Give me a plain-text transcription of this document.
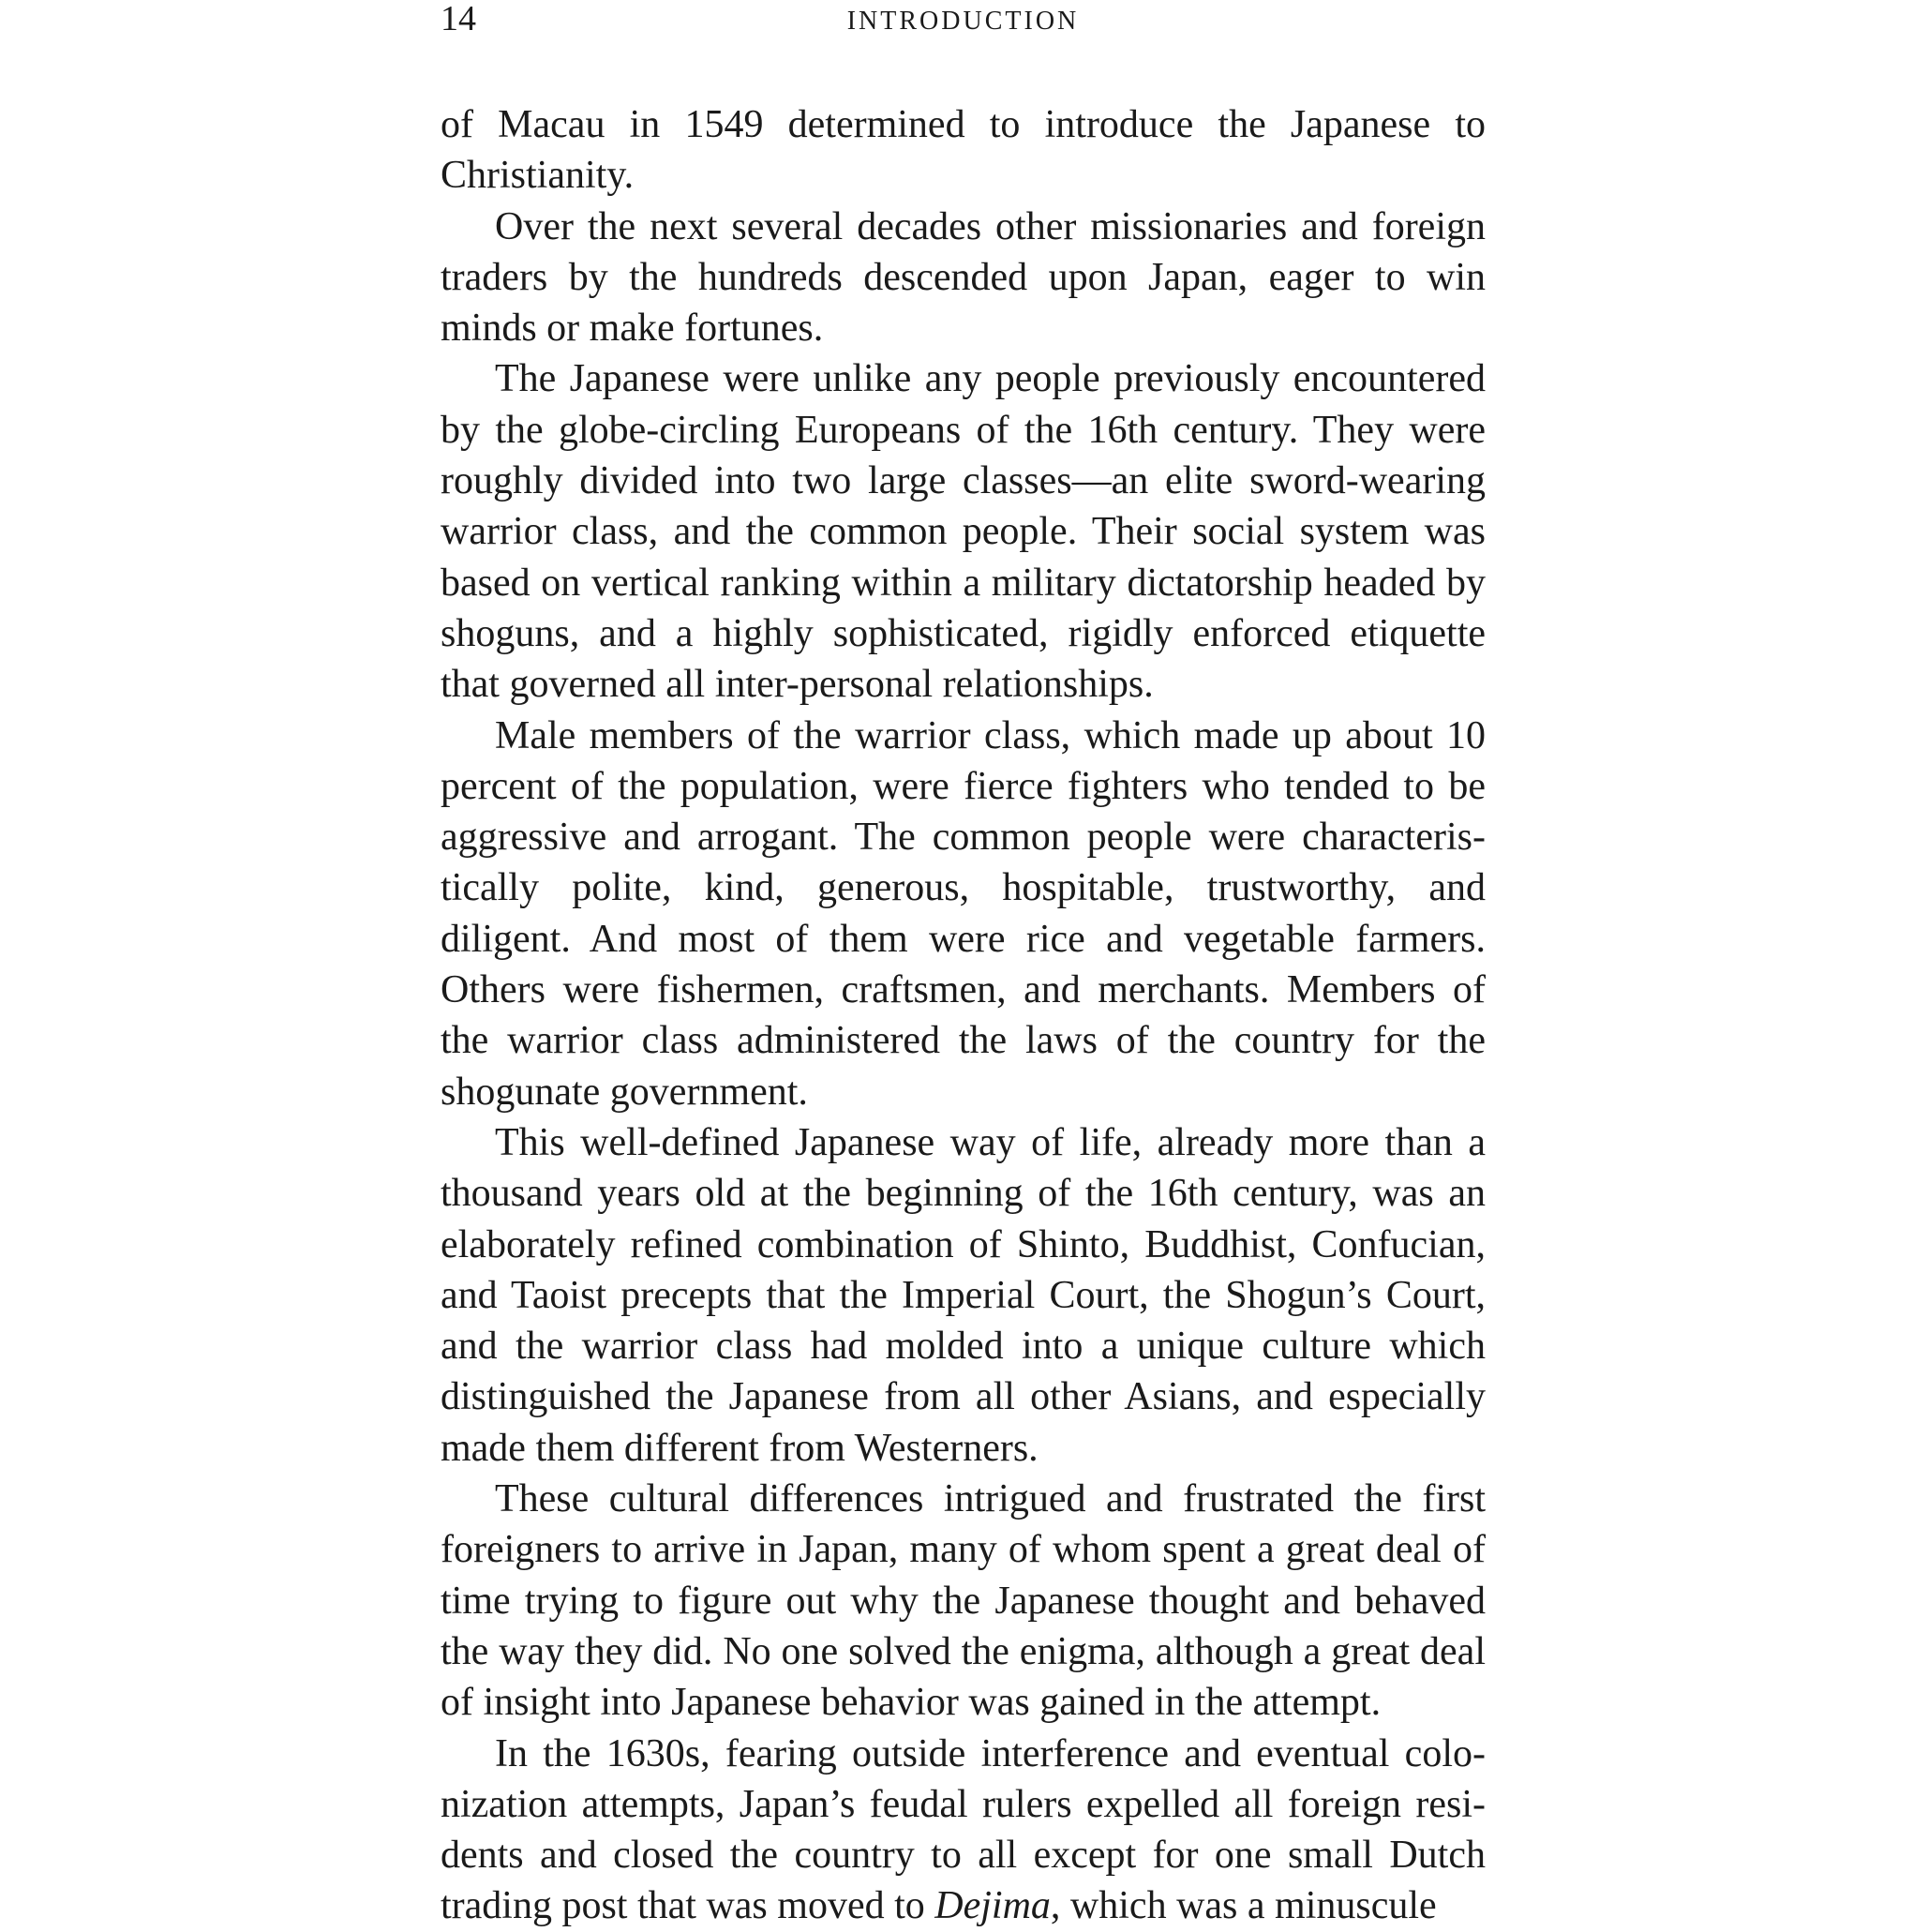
14	INTRODUCTION

of Macau in 1549 determined to introduce the Japanese to Christianity.

Over the next several decades other missionaries and foreign traders by the hundreds descended upon Japan, eager to win minds or make fortunes.

The Japanese were unlike any people previously encountered by the globe-circling Europeans of the 16th century. They were roughly divided into two large classes—an elite sword-wearing warrior class, and the common people. Their social system was based on vertical ranking within a military dictatorship headed by shoguns, and a highly sophisticated, rigidly enforced etiquette that governed all inter-personal relationships.

Male members of the warrior class, which made up about 10 percent of the population, were fierce fighters who tended to be aggressive and arrogant. The common people were characteristically polite, kind, generous, hospitable, trustworthy, and diligent. And most of them were rice and vegetable farmers. Others were fishermen, craftsmen, and merchants. Members of the warrior class administered the laws of the country for the shogunate government.

This well-defined Japanese way of life, already more than a thousand years old at the beginning of the 16th century, was an elaborately refined combination of Shinto, Buddhist, Confucian, and Taoist precepts that the Imperial Court, the Shogun’s Court, and the warrior class had molded into a unique culture which distinguished the Japanese from all other Asians, and especially made them different from Westerners.

These cultural differences intrigued and frustrated the first foreigners to arrive in Japan, many of whom spent a great deal of time trying to figure out why the Japanese thought and behaved the way they did. No one solved the enigma, although a great deal of insight into Japanese behavior was gained in the attempt.

In the 1630s, fearing outside interference and eventual colonization attempts, Japan’s feudal rulers expelled all foreign residents and closed the country to all except for one small Dutch trading post that was moved to Dejima, which was a minuscule
